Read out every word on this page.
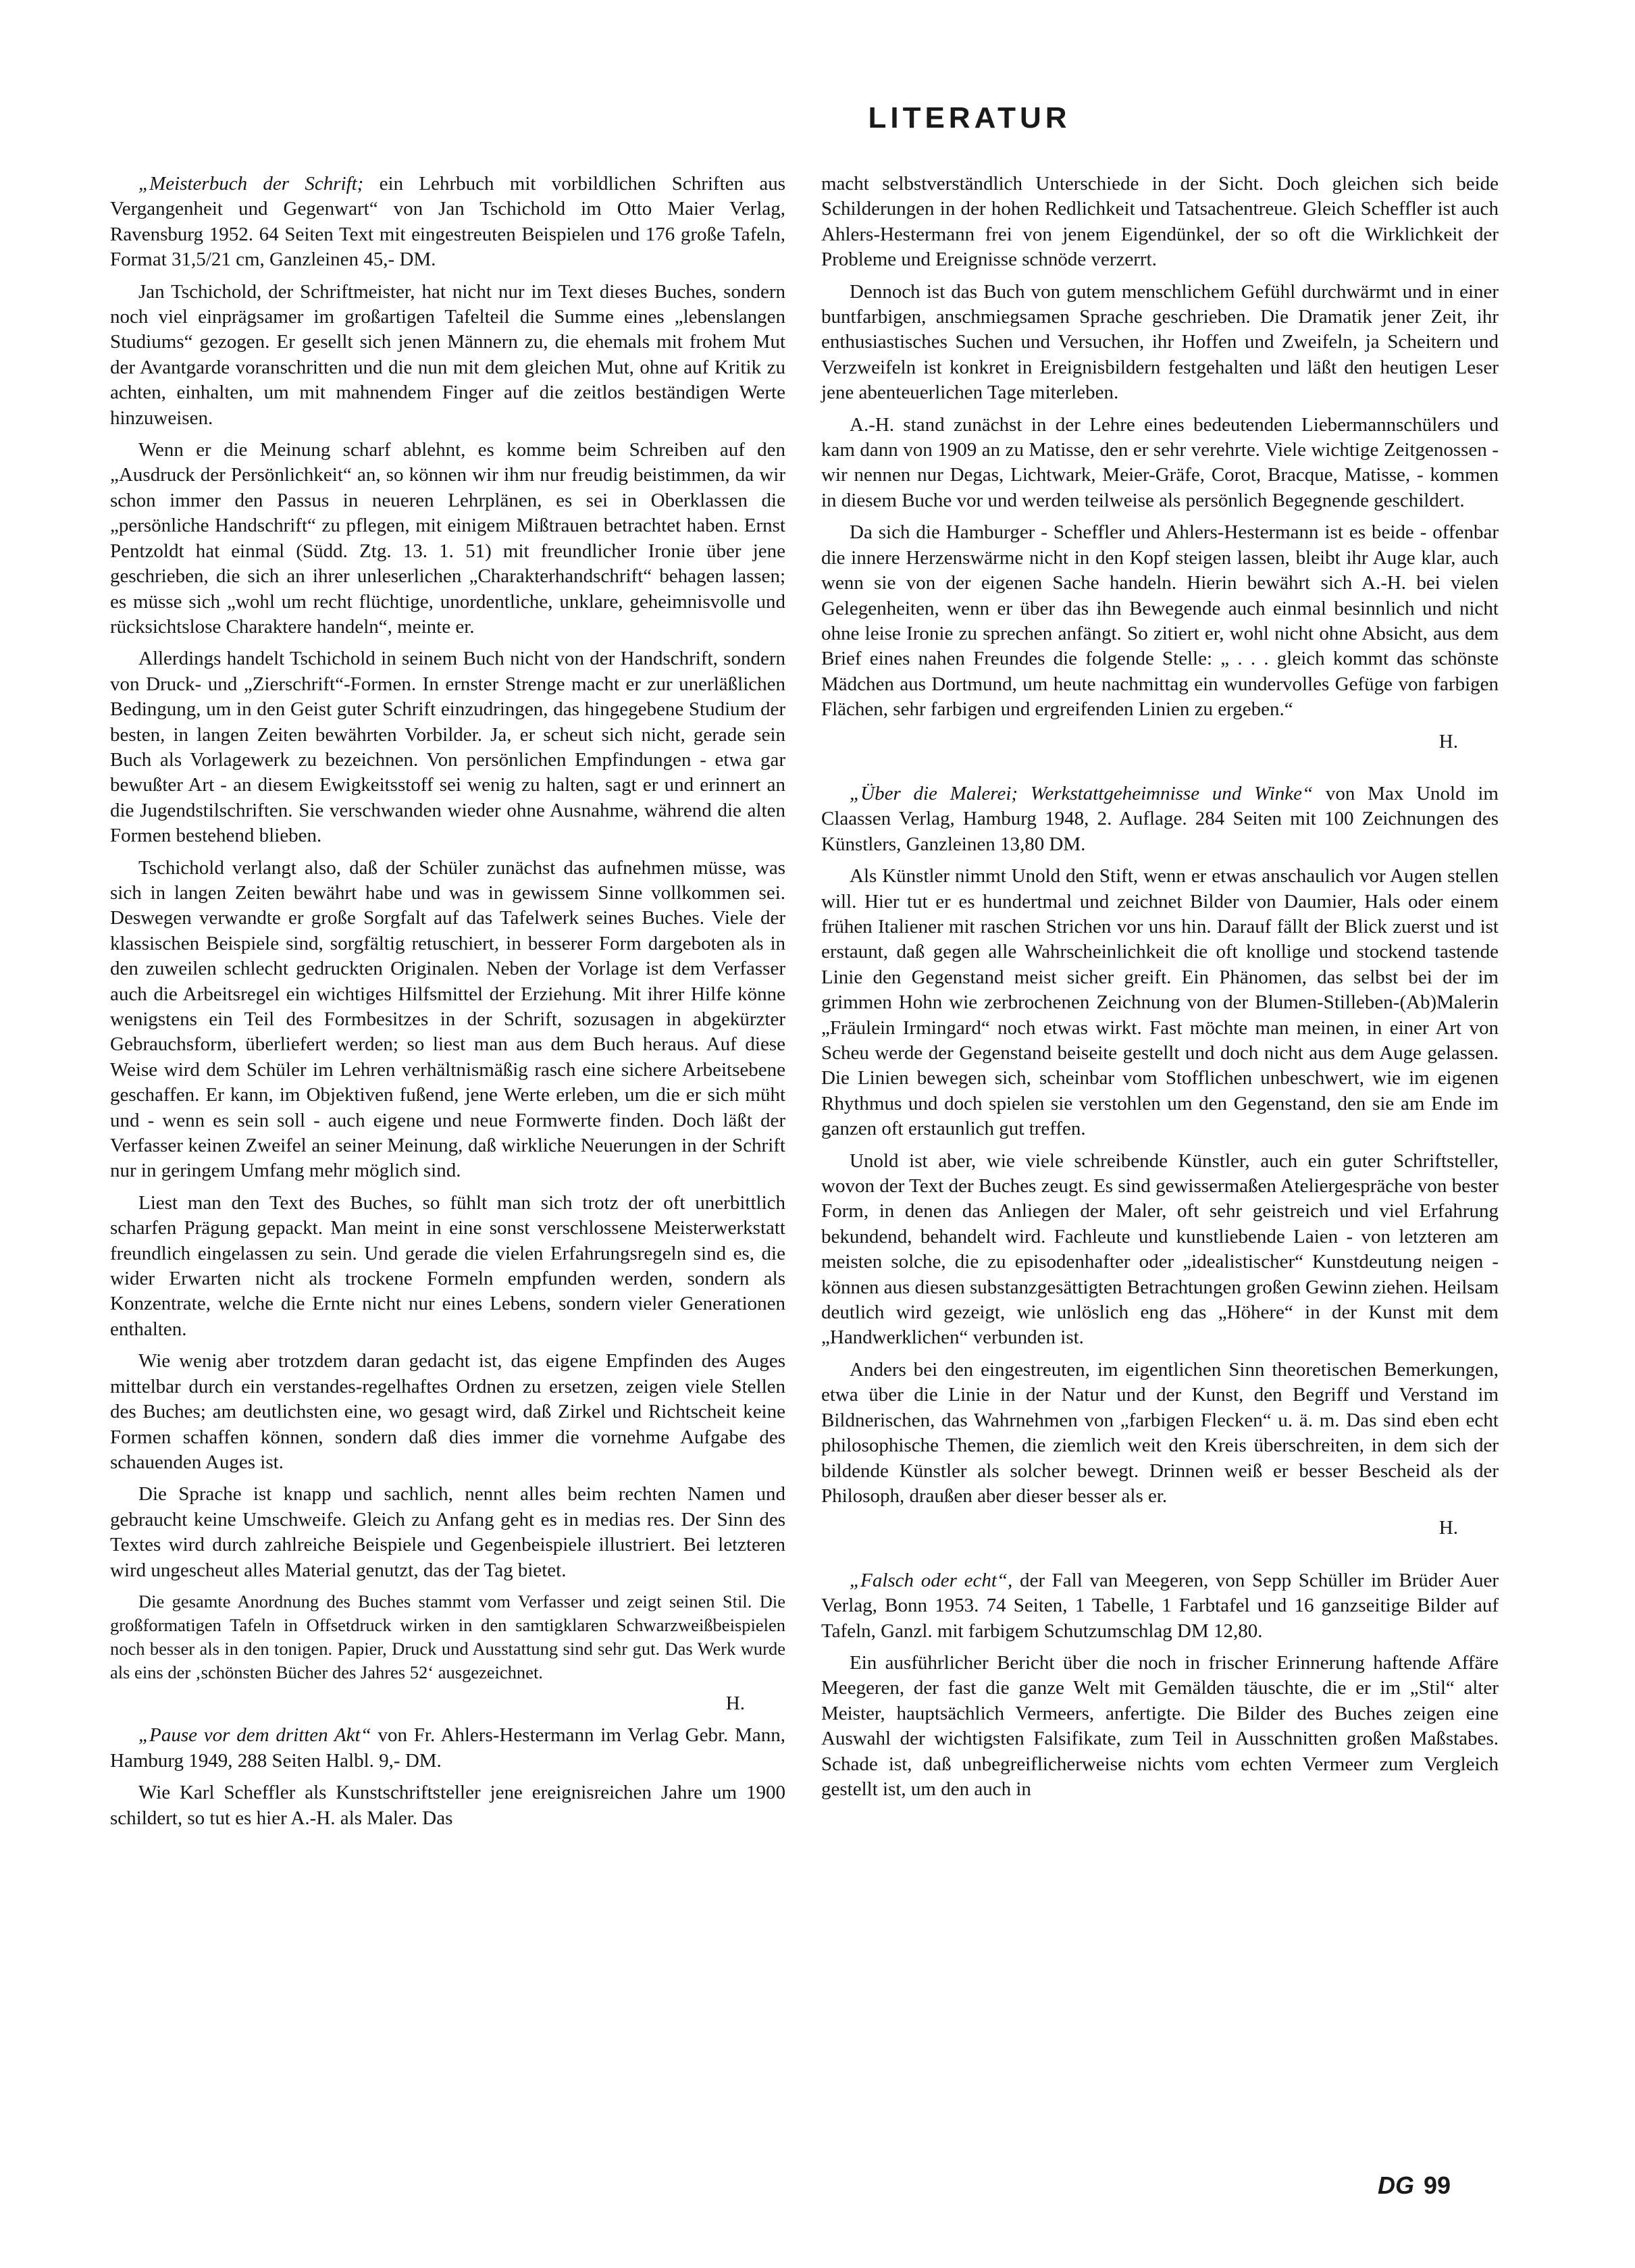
LITERATUR

„Meisterbuch der Schrift; ein Lehrbuch mit vorbildlichen Schriften aus Vergangenheit und Gegenwart“ von Jan Tschichold im Otto Maier Verlag, Ravensburg 1952. 64 Seiten Text mit eingestreuten Beispielen und 176 große Tafeln, Format 31,5/21 cm, Ganzleinen 45,- DM.

Jan Tschichold, der Schriftmeister, hat nicht nur im Text dieses Buches, sondern noch viel einprägsamer im großartigen Tafelteil die Summe eines „lebenslangen Studiums“ gezogen. Er gesellt sich jenen Männern zu, die ehemals mit frohem Mut der Avantgarde voranschritten und die nun mit dem gleichen Mut, ohne auf Kritik zu achten, einhalten, um mit mahnendem Finger auf die zeitlos beständigen Werte hinzuweisen.

Wenn er die Meinung scharf ablehnt, es komme beim Schreiben auf den „Ausdruck der Persönlichkeit“ an, so können wir ihm nur freudig beistimmen, da wir schon immer den Passus in neueren Lehrplänen, es sei in Oberklassen die „persönliche Handschrift“ zu pflegen, mit einigem Mißtrauen betrachtet haben. Ernst Pentzoldt hat einmal (Südd. Ztg. 13. 1. 51) mit freundlicher Ironie über jene geschrieben, die sich an ihrer unleserlichen „Charakterhandschrift“ behagen lassen; es müsse sich „wohl um recht flüchtige, unordentliche, unklare, geheimnisvolle und rücksichtslose Charaktere handeln“, meinte er.

Allerdings handelt Tschichold in seinem Buch nicht von der Handschrift, sondern von Druck- und „Zierschrift“-Formen. In ernster Strenge macht er zur unerläßlichen Bedingung, um in den Geist guter Schrift einzudringen, das hingegebene Studium der besten, in langen Zeiten bewährten Vorbilder. Ja, er scheut sich nicht, gerade sein Buch als Vorlagewerk zu bezeichnen. Von persönlichen Empfindungen - etwa gar bewußter Art - an diesem Ewigkeitsstoff sei wenig zu halten, sagt er und erinnert an die Jugendstilschriften. Sie verschwanden wieder ohne Ausnahme, während die alten Formen bestehend blieben.

Tschichold verlangt also, daß der Schüler zunächst das aufnehmen müsse, was sich in langen Zeiten bewährt habe und was in gewissem Sinne vollkommen sei. Deswegen verwandte er große Sorgfalt auf das Tafelwerk seines Buches. Viele der klassischen Beispiele sind, sorgfältig retuschiert, in besserer Form dargeboten als in den zuweilen schlecht gedruckten Originalen. Neben der Vorlage ist dem Verfasser auch die Arbeitsregel ein wichtiges Hilfsmittel der Erziehung. Mit ihrer Hilfe könne wenigstens ein Teil des Formbesitzes in der Schrift, sozusagen in abgekürzter Gebrauchsform, überliefert werden; so liest man aus dem Buch heraus. Auf diese Weise wird dem Schüler im Lehren verhältnismäßig rasch eine sichere Arbeitsebene geschaffen. Er kann, im Objektiven fußend, jene Werte erleben, um die er sich müht und - wenn es sein soll - auch eigene und neue Formwerte finden. Doch läßt der Verfasser keinen Zweifel an seiner Meinung, daß wirkliche Neuerungen in der Schrift nur in geringem Umfang mehr möglich sind.

Liest man den Text des Buches, so fühlt man sich trotz der oft unerbittlich scharfen Prägung gepackt. Man meint in eine sonst verschlossene Meisterwerkstatt freundlich eingelassen zu sein. Und gerade die vielen Erfahrungsregeln sind es, die wider Erwarten nicht als trockene Formeln empfunden werden, sondern als Konzentrate, welche die Ernte nicht nur eines Lebens, sondern vieler Generationen enthalten.

Wie wenig aber trotzdem daran gedacht ist, das eigene Empfinden des Auges mittelbar durch ein verstandes-regelhaftes Ordnen zu ersetzen, zeigen viele Stellen des Buches; am deutlichsten eine, wo gesagt wird, daß Zirkel und Richtscheit keine Formen schaffen können, sondern daß dies immer die vornehme Aufgabe des schauenden Auges ist.

Die Sprache ist knapp und sachlich, nennt alles beim rechten Namen und gebraucht keine Umschweife. Gleich zu Anfang geht es in medias res. Der Sinn des Textes wird durch zahlreiche Beispiele und Gegenbeispiele illustriert. Bei letzteren wird ungescheut alles Material genutzt, das der Tag bietet.

Die gesamte Anordnung des Buches stammt vom Verfasser und zeigt seinen Stil. Die großformatigen Tafeln in Offsetdruck wirken in den samtigklaren Schwarzweißbeispielen noch besser als in den tonigen. Papier, Druck und Ausstattung sind sehr gut. Das Werk wurde als eins der ‚schönsten Bücher des Jahres 52‘ ausgezeichnet.

H.

„Pause vor dem dritten Akt“ von Fr. Ahlers-Hestermann im Verlag Gebr. Mann, Hamburg 1949, 288 Seiten Halbl. 9,- DM.

Wie Karl Scheffler als Kunstschriftsteller jene ereignisreichen Jahre um 1900 schildert, so tut es hier A.-H. als Maler. Das

macht selbstverständlich Unterschiede in der Sicht. Doch gleichen sich beide Schilderungen in der hohen Redlichkeit und Tatsachentreue. Gleich Scheffler ist auch Ahlers-Hestermann frei von jenem Eigendünkel, der so oft die Wirklichkeit der Probleme und Ereignisse schnöde verzerrt.

Dennoch ist das Buch von gutem menschlichem Gefühl durchwärmt und in einer buntfarbigen, anschmiegsamen Sprache geschrieben. Die Dramatik jener Zeit, ihr enthusiastisches Suchen und Versuchen, ihr Hoffen und Zweifeln, ja Scheitern und Verzweifeln ist konkret in Ereignisbildern festgehalten und läßt den heutigen Leser jene abenteuerlichen Tage miterleben.

A.-H. stand zunächst in der Lehre eines bedeutenden Liebermannschülers und kam dann von 1909 an zu Matisse, den er sehr verehrte. Viele wichtige Zeitgenossen - wir nennen nur Degas, Lichtwark, Meier-Gräfe, Corot, Bracque, Matisse, - kommen in diesem Buche vor und werden teilweise als persönlich Begegnende geschildert.

Da sich die Hamburger - Scheffler und Ahlers-Hestermann ist es beide - offenbar die innere Herzenswärme nicht in den Kopf steigen lassen, bleibt ihr Auge klar, auch wenn sie von der eigenen Sache handeln. Hierin bewährt sich A.-H. bei vielen Gelegenheiten, wenn er über das ihn Bewegende auch einmal besinnlich und nicht ohne leise Ironie zu sprechen anfängt. So zitiert er, wohl nicht ohne Absicht, aus dem Brief eines nahen Freundes die folgende Stelle: „ . . . gleich kommt das schönste Mädchen aus Dortmund, um heute nachmittag ein wundervolles Gefüge von farbigen Flächen, sehr farbigen und ergreifenden Linien zu ergeben.“

H.

„Über die Malerei; Werkstattgeheimnisse und Winke“ von Max Unold im Claassen Verlag, Hamburg 1948, 2. Auflage. 284 Seiten mit 100 Zeichnungen des Künstlers, Ganzleinen 13,80 DM.

Als Künstler nimmt Unold den Stift, wenn er etwas anschaulich vor Augen stellen will. Hier tut er es hundertmal und zeichnet Bilder von Daumier, Hals oder einem frühen Italiener mit raschen Strichen vor uns hin. Darauf fällt der Blick zuerst und ist erstaunt, daß gegen alle Wahrscheinlichkeit die oft knollige und stockend tastende Linie den Gegenstand meist sicher greift. Ein Phänomen, das selbst bei der im grimmen Hohn wie zerbrochenen Zeichnung von der Blumen-Stilleben-(Ab)Malerin „Fräulein Irmingard“ noch etwas wirkt. Fast möchte man meinen, in einer Art von Scheu werde der Gegenstand beiseite gestellt und doch nicht aus dem Auge gelassen. Die Linien bewegen sich, scheinbar vom Stofflichen unbeschwert, wie im eigenen Rhythmus und doch spielen sie verstohlen um den Gegenstand, den sie am Ende im ganzen oft erstaunlich gut treffen.

Unold ist aber, wie viele schreibende Künstler, auch ein guter Schriftsteller, wovon der Text der Buches zeugt. Es sind gewissermaßen Ateliergespräche von bester Form, in denen das Anliegen der Maler, oft sehr geistreich und viel Erfahrung bekundend, behandelt wird. Fachleute und kunstliebende Laien - von letzteren am meisten solche, die zu episodenhafter oder „idealistischer“ Kunstdeutung neigen - können aus diesen substanzgesättigten Betrachtungen großen Gewinn ziehen. Heilsam deutlich wird gezeigt, wie unlöslich eng das „Höhere“ in der Kunst mit dem „Handwerklichen“ verbunden ist.

Anders bei den eingestreuten, im eigentlichen Sinn theoretischen Bemerkungen, etwa über die Linie in der Natur und der Kunst, den Begriff und Verstand im Bildnerischen, das Wahrnehmen von „farbigen Flecken“ u. ä. m. Das sind eben echt philosophische Themen, die ziemlich weit den Kreis überschreiten, in dem sich der bildende Künstler als solcher bewegt. Drinnen weiß er besser Bescheid als der Philosoph, draußen aber dieser besser als er.

H.

„Falsch oder echt“, der Fall van Meegeren, von Sepp Schüller im Brüder Auer Verlag, Bonn 1953. 74 Seiten, 1 Tabelle, 1 Farbtafel und 16 ganzseitige Bilder auf Tafeln, Ganzl. mit farbigem Schutzumschlag DM 12,80.

Ein ausführlicher Bericht über die noch in frischer Erinnerung haftende Affäre Meegeren, der fast die ganze Welt mit Gemälden täuschte, die er im „Stil“ alter Meister, hauptsächlich Vermeers, anfertigte. Die Bilder des Buches zeigen eine Auswahl der wichtigsten Falsifikate, zum Teil in Ausschnitten großen Maßstabes. Schade ist, daß unbegreiflicherweise nichts vom echten Vermeer zum Vergleich gestellt ist, um den auch in

DG 99
